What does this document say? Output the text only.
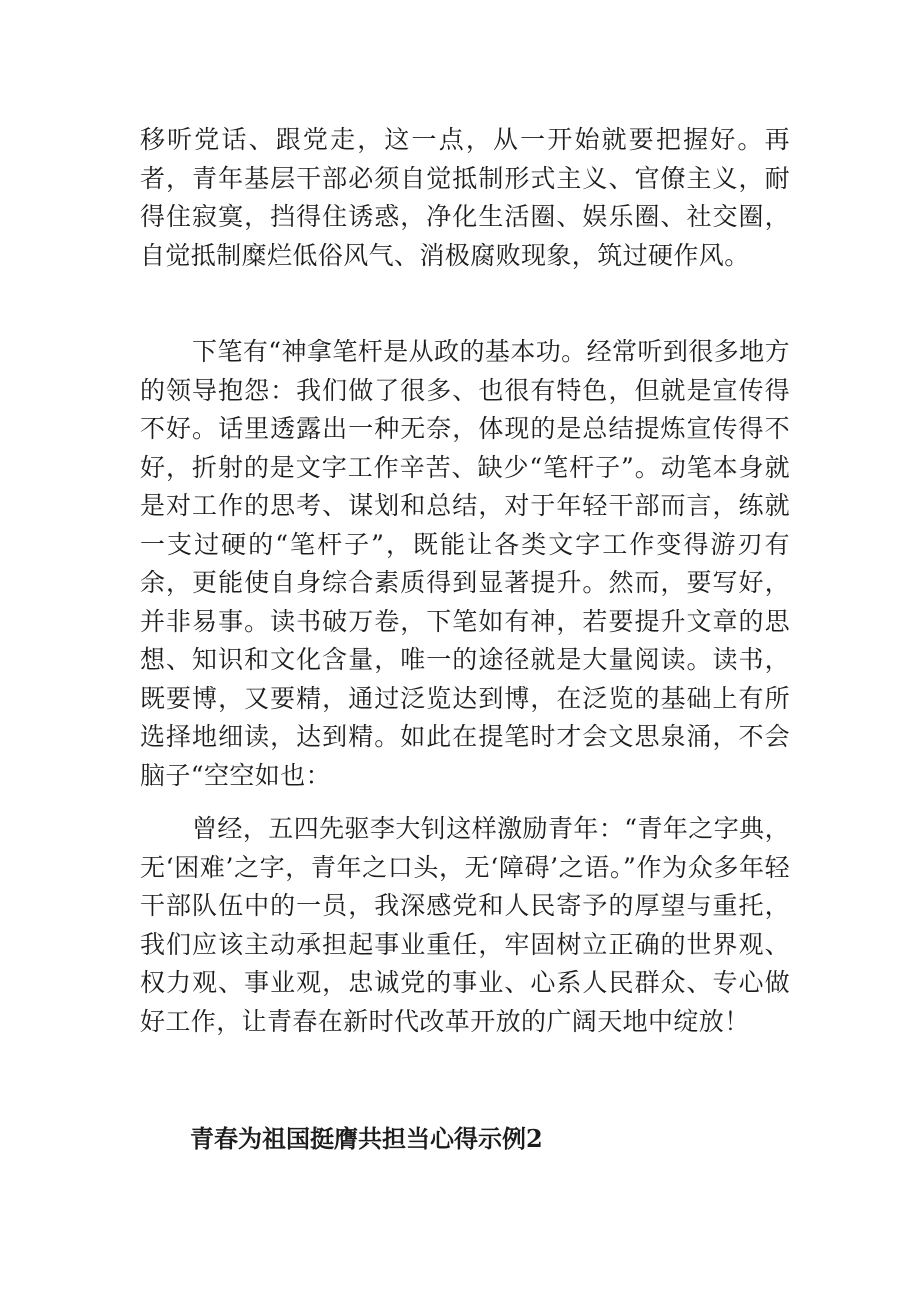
移听党话、跟党走，这一点，从一开始就要把握好。再者，青年基层干部必须自觉抵制形式主义、官僚主义，耐得住寂寞，挡得住诱惑，净化生活圈、娱乐圈、社交圈，自觉抵制糜烂低俗风气、消极腐败现象，筑过硬作风。

下笔有“神拿笔杆是从政的基本功。经常听到很多地方的领导抱怨：我们做了很多、也很有特色，但就是宣传得不好。话里透露出一种无奈，体现的是总结提炼宣传得不好，折射的是文字工作辛苦、缺少“笔杆子”。动笔本身就是对工作的思考、谋划和总结，对于年轻干部而言，练就一支过硬的“笔杆子”，既能让各类文字工作变得游刃有余，更能使自身综合素质得到显著提升。然而，要写好，并非易事。读书破万卷，下笔如有神，若要提升文章的思想、知识和文化含量，唯一的途径就是大量阅读。读书，既要博，又要精，通过泛览达到博，在泛览的基础上有所选择地细读，达到精。如此在提笔时才会文思泉涌，不会脑子“空空如也：

曾经，五四先驱李大钊这样激励青年：“青年之字典，无‘困难’之字，青年之口头，无‘障碍’之语。”作为众多年轻干部队伍中的一员，我深感党和人民寄予的厚望与重托，我们应该主动承担起事业重任，牢固树立正确的世界观、权力观、事业观，忠诚党的事业、心系人民群众、专心做好工作，让青春在新时代改革开放的广阔天地中绽放！

青春为祖国挺膺共担当心得示例2
